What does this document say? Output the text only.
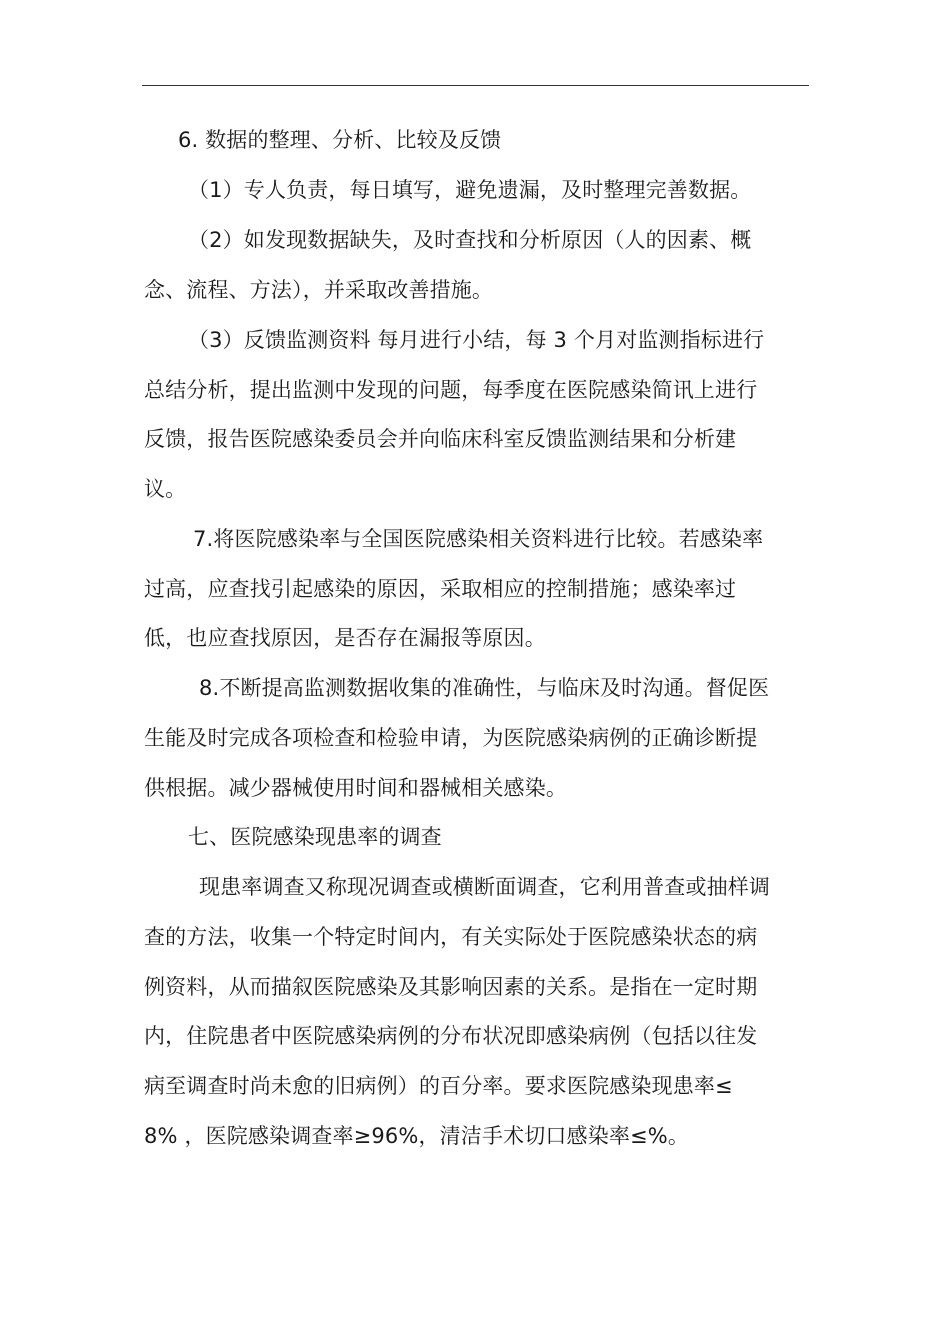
6. 数据的整理、分析、比较及反馈
（1）专人负责，每日填写，避免遗漏，及时整理完善数据。
（2）如发现数据缺失，及时查找和分析原因（人的因素、概
念、流程、方法），并采取改善措施。
（3）反馈监测资料 每月进行小结，每 3 个月对监测指标进行
总结分析，提出监测中发现的问题，每季度在医院感染简讯上进行
反馈，报告医院感染委员会并向临床科室反馈监测结果和分析建
议。
7.将医院感染率与全国医院感染相关资料进行比较。若感染率
过高，应查找引起感染的原因，采取相应的控制措施；感染率过
低，也应查找原因，是否存在漏报等原因。
8.不断提高监测数据收集的准确性，与临床及时沟通。督促医
生能及时完成各项检查和检验申请，为医院感染病例的正确诊断提
供根据。减少器械使用时间和器械相关感染。
七、医院感染现患率的调查
现患率调查又称现况调查或横断面调查，它利用普查或抽样调
查的方法，收集一个特定时间内，有关实际处于医院感染状态的病
例资料，从而描叙医院感染及其影响因素的关系。是指在一定时期
内，住院患者中医院感染病例的分布状况即感染病例（包括以往发
病至调查时尚未愈的旧病例）的百分率。要求医院感染现患率≤
8% ，医院感染调查率≥96%，清洁手术切口感染率≤%。
